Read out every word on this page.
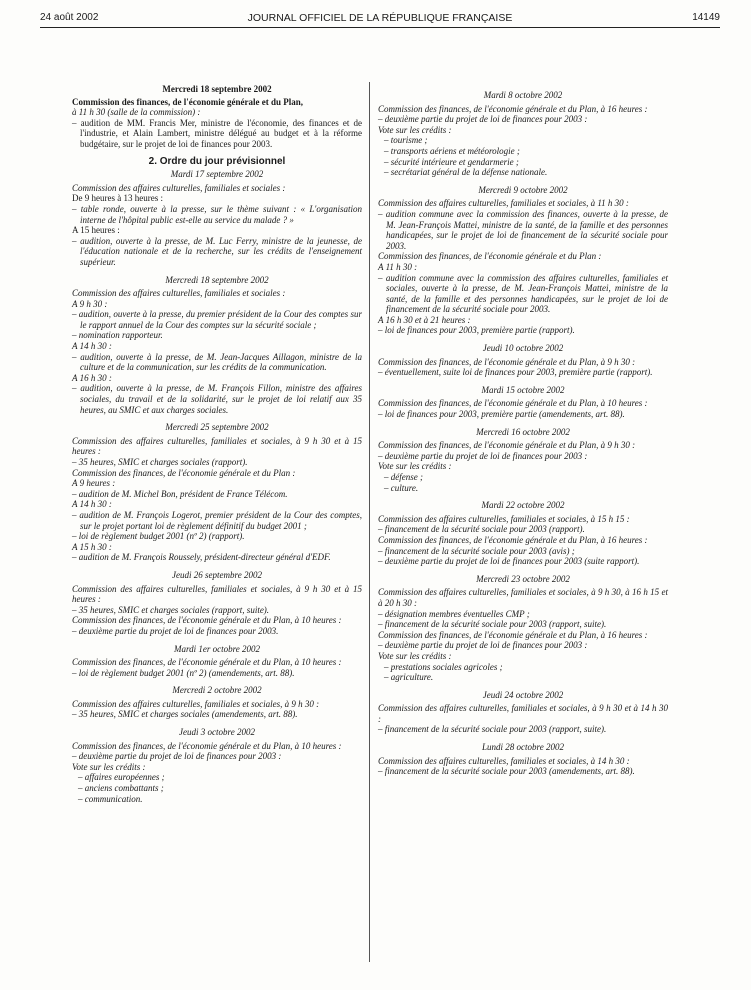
24 août 2002	JOURNAL OFFICIEL DE LA RÉPUBLIQUE FRANÇAISE	14149
Mercredi 18 septembre 2002
Commission des finances, de l'économie générale et du Plan,
à 11 h 30 (salle de la commission) :
– audition de MM. Francis Mer, ministre de l'économie, des finances et de l'industrie, et Alain Lambert, ministre délégué au budget et à la réforme budgétaire, sur le projet de loi de finances pour 2003.
2. Ordre du jour prévisionnel
Mardi 17 septembre 2002
Commission des affaires culturelles, familiales et sociales :
De 9 heures à 13 heures :
– table ronde, ouverte à la presse, sur le thème suivant : « L'organisation interne de l'hôpital public est-elle au service du malade ? »
A 15 heures :
– audition, ouverte à la presse, de M. Luc Ferry, ministre de la jeunesse, de l'éducation nationale et de la recherche, sur les crédits de l'enseignement supérieur.
Mercredi 18 septembre 2002
Commission des affaires culturelles, familiales et sociales :
A 9 h 30 :
– audition, ouverte à la presse, du premier président de la Cour des comptes sur le rapport annuel de la Cour des comptes sur la sécurité sociale ;
– nomination rapporteur.
A 14 h 30 :
– audition, ouverte à la presse, de M. Jean-Jacques Aillagon, ministre de la culture et de la communication, sur les crédits de la communication.
A 16 h 30 :
– audition, ouverte à la presse, de M. François Fillon, ministre des affaires sociales, du travail et de la solidarité, sur le projet de loi relatif aux 35 heures, au SMIC et aux charges sociales.
Mercredi 25 septembre 2002
Commission des affaires culturelles, familiales et sociales, à 9 h 30 et à 15 heures :
– 35 heures, SMIC et charges sociales (rapport).
Commission des finances, de l'économie générale et du Plan :
A 9 heures :
– audition de M. Michel Bon, président de France Télécom.
A 14 h 30 :
– audition de M. François Logerot, premier président de la Cour des comptes, sur le projet portant loi de règlement définitif du budget 2001 ;
– loi de règlement budget 2001 (nº 2) (rapport).
A 15 h 30 :
– audition de M. François Roussely, président-directeur général d'EDF.
Jeudi 26 septembre 2002
Commission des affaires culturelles, familiales et sociales, à 9 h 30 et à 15 heures :
– 35 heures, SMIC et charges sociales (rapport, suite).
Commission des finances, de l'économie générale et du Plan, à 10 heures :
– deuxième partie du projet de loi de finances pour 2003.
Mardi 1er octobre 2002
Commission des finances, de l'économie générale et du Plan, à 10 heures :
– loi de règlement budget 2001 (nº 2) (amendements, art. 88).
Mercredi 2 octobre 2002
Commission des affaires culturelles, familiales et sociales, à 9 h 30 :
– 35 heures, SMIC et charges sociales (amendements, art. 88).
Jeudi 3 octobre 2002
Commission des finances, de l'économie générale et du Plan, à 10 heures :
– deuxième partie du projet de loi de finances pour 2003 :
Vote sur les crédits :
– affaires européennes ;
– anciens combattants ;
– communication.
Mardi 8 octobre 2002
Commission des finances, de l'économie générale et du Plan, à 16 heures :
– deuxième partie du projet de loi de finances pour 2003 :
Vote sur les crédits :
– tourisme ;
– transports aériens et météorologie ;
– sécurité intérieure et gendarmerie ;
– secrétariat général de la défense nationale.
Mercredi 9 octobre 2002
Commission des affaires culturelles, familiales et sociales, à 11 h 30 :
– audition commune avec la commission des finances, ouverte à la presse, de M. Jean-François Mattei, ministre de la santé, de la famille et des personnes handicapées, sur le projet de loi de financement de la sécurité sociale pour 2003.
Commission des finances, de l'économie générale et du Plan :
A 11 h 30 :
– audition commune avec la commission des affaires culturelles, familiales et sociales, ouverte à la presse, de M. Jean-François Mattei, ministre de la santé, de la famille et des personnes handicapées, sur le projet de loi de financement de la sécurité sociale pour 2003.
A 16 h 30 et à 21 heures :
– loi de finances pour 2003, première partie (rapport).
Jeudi 10 octobre 2002
Commission des finances, de l'économie générale et du Plan, à 9 h 30 :
– éventuellement, suite loi de finances pour 2003, première partie (rapport).
Mardi 15 octobre 2002
Commission des finances, de l'économie générale et du Plan, à 10 heures :
– loi de finances pour 2003, première partie (amendements, art. 88).
Mercredi 16 octobre 2002
Commission des finances, de l'économie générale et du Plan, à 9 h 30 :
– deuxième partie du projet de loi de finances pour 2003 :
Vote sur les crédits :
– défense ;
– culture.
Mardi 22 octobre 2002
Commission des affaires culturelles, familiales et sociales, à 15 h 15 :
– financement de la sécurité sociale pour 2003 (rapport).
Commission des finances, de l'économie générale et du Plan, à 16 heures :
– financement de la sécurité sociale pour 2003 (avis) ;
– deuxième partie du projet de loi de finances pour 2003 (suite rapport).
Mercredi 23 octobre 2002
Commission des affaires culturelles, familiales et sociales, à 9 h 30, à 16 h 15 et à 20 h 30 :
– désignation membres éventuelles CMP ;
– financement de la sécurité sociale pour 2003 (rapport, suite).
Commission des finances, de l'économie générale et du Plan, à 16 heures :
– deuxième partie du projet de loi de finances pour 2003 :
Vote sur les crédits :
– prestations sociales agricoles ;
– agriculture.
Jeudi 24 octobre 2002
Commission des affaires culturelles, familiales et sociales, à 9 h 30 et à 14 h 30 :
– financement de la sécurité sociale pour 2003 (rapport, suite).
Lundi 28 octobre 2002
Commission des affaires culturelles, familiales et sociales, à 14 h 30 :
– financement de la sécurité sociale pour 2003 (amendements, art. 88).
